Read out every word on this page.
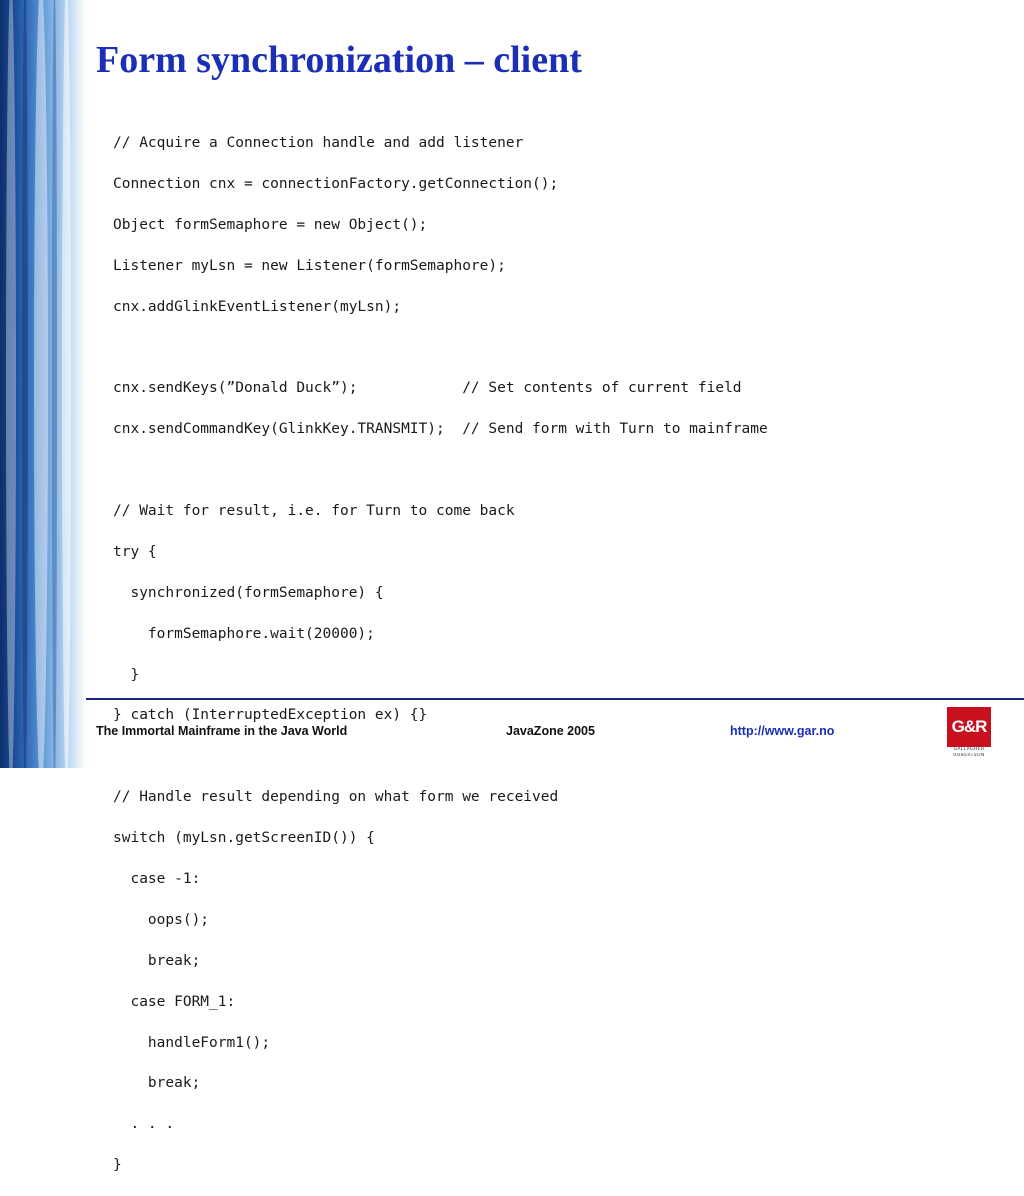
Form synchronization – client
// Acquire a Connection handle and add listener

Connection cnx = connectionFactory.getConnection();

Object formSemaphore = new Object();

Listener myLsn = new Listener(formSemaphore);

cnx.addGlinkEventListener(myLsn);

cnx.sendKeys(”Donald Duck”);            // Set contents of current field

cnx.sendCommandKey(GlinkKey.TRANSMIT);  // Send form with Turn to mainframe

// Wait for result, i.e. for Turn to come back

try {

synchronized(formSemaphore) {

formSemaphore.wait(20000);

}

} catch (InterruptedException ex) {}

// Handle result depending on what form we received

switch (myLsn.getScreenID()) {

case -1:

oops();

break;

case FORM_1:

handleForm1();

break;

. . .

}

The Immortal Mainframe in the Java World	JavaZone 2005	http://www.gar.no	G&R
GALLAGHER
ROBERTSON
